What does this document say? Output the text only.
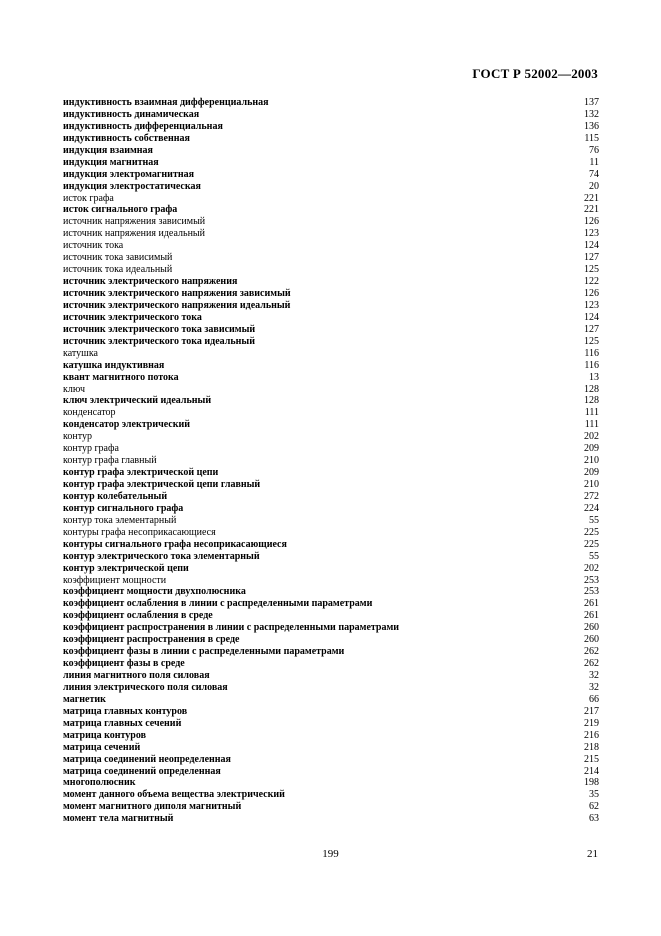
ГОСТ Р 52002—2003
индуктивность взаимная дифференциальная	137
индуктивность динамическая	132
индуктивность дифференциальная	136
индуктивность собственная	115
индукция взаимная	76
индукция магнитная	11
индукция электромагнитная	74
индукция электростатическая	20
исток графа	221
исток сигнального графа	221
источник напряжения зависимый	126
источник напряжения идеальный	123
источник тока	124
источник тока зависимый	127
источник тока идеальный	125
источник электрического напряжения	122
источник электрического напряжения зависимый	126
источник электрического напряжения идеальный	123
источник электрического тока	124
источник электрического тока зависимый	127
источник электрического тока идеальный	125
катушка	116
катушка индуктивная	116
квант магнитного потока	13
ключ	128
ключ электрический идеальный	128
конденсатор	111
конденсатор электрический	111
контур	202
контур графа	209
контур графа главный	210
контур графа электрической цепи	209
контур графа электрической цепи главный	210
контур колебательный	272
контур сигнального графа	224
контур тока элементарный	55
контуры графа несоприкасающиеся	225
контуры сигнального графа несоприкасающиеся	225
контур электрического тока элементарный	55
контур электрической цепи	202
коэффициент мощности	253
коэффициент мощности двухполюсника	253
коэффициент ослабления в линии с распределенными параметрами	261
коэффициент ослабления в среде	261
коэффициент распространения в линии с распределенными параметрами	260
коэффициент распространения в среде	260
коэффициент фазы в линии с распределенными параметрами	262
коэффициент фазы в среде	262
линия магнитного поля силовая	32
линия электрического поля силовая	32
магнетик	66
матрица главных контуров	217
матрица главных сечений	219
матрица контуров	216
матрица сечений	218
матрица соединений неопределенная	215
матрица соединений определенная	214
многополюсник	198
момент данного объема вещества электрический	35
момент магнитного диполя магнитный	62
момент тела магнитный	63
199	21
